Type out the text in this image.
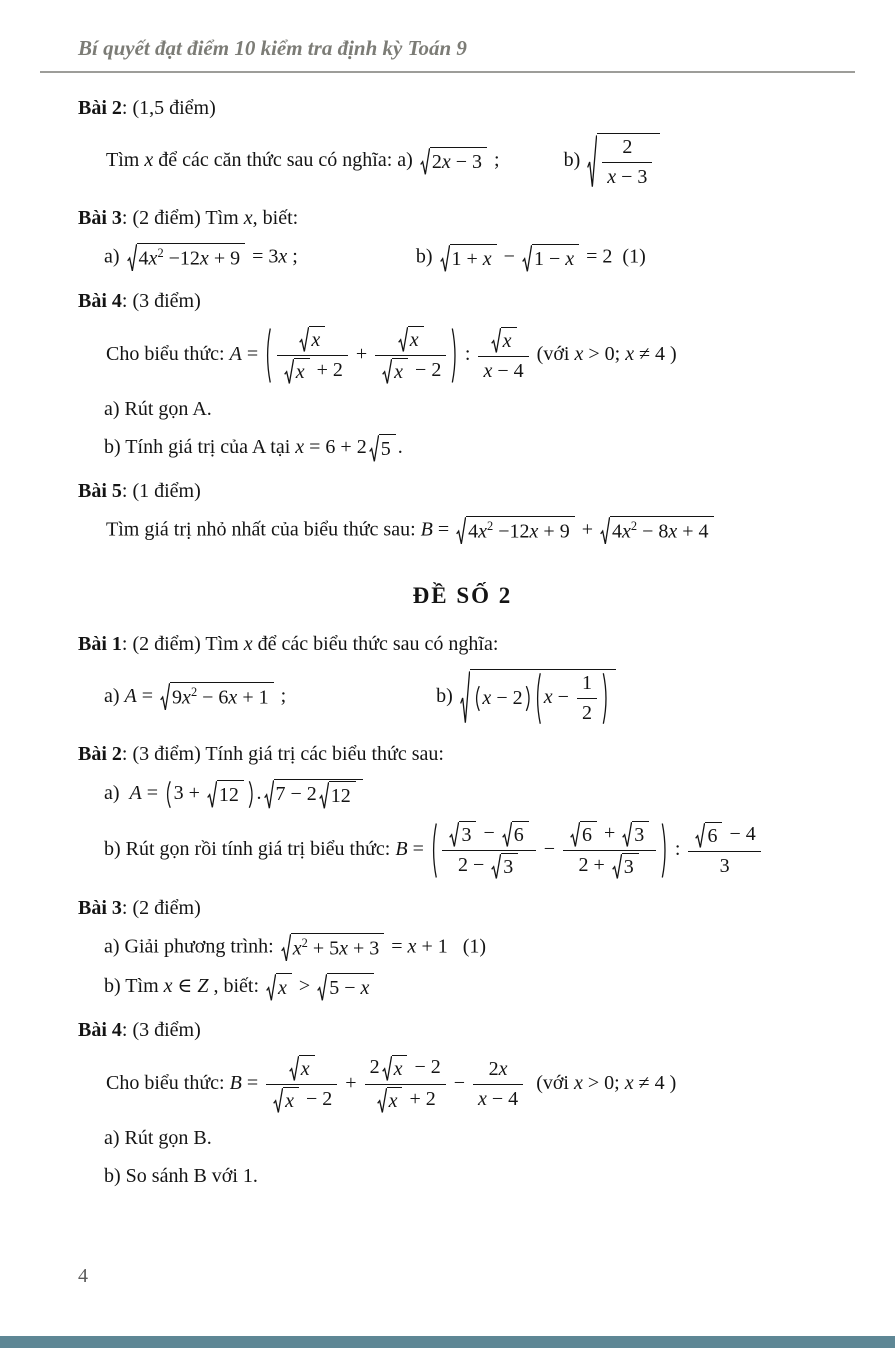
Bí quyết đạt điểm 10 kiểm tra định kỳ Toán 9
Bài 2: (1,5 điểm)
Tìm x để các căn thức sau có nghĩa: a) 2x − 3 ;	$b) \frac{2}{x - 3}$
Bài 3: (2 điểm) Tìm x, biết:
a) $4x^2 -12x + 9 = 3x$ ;	b) 1 + x − 1 − x = 2  (1)
Bài 4: (3 điểm)
Cho biểu thức: $A = \frac{x}{x + 2} + \frac{x}{x - 2}$ : $\frac{x}{x - 4}$ (với x > 0; x ≠ 4 )
a) Rút gọn A.
b) Tính giá trị của A tại x = 6 + 2 5 .
Bài 5: (1 điểm)
Tìm giá trị nhỏ nhất của biểu thức sau: $B = 4x^2 -12x + 9 + 4x^2 - 8x + 4$
ĐỀ SỐ 2
Bài 1: (2 điểm) Tìm x để các biểu thức sau có nghĩa:
a) $A = 9x^2 - 6x + 1$ ;	b) x − 2 $x - \frac{1}{2}$
Bài 2: (3 điểm) Tính giá trị các biểu thức sau:
a)  A = 3 + 12 . 7 − 2 12
b) Rút gọn rồi tính giá trị biểu thức: $B = \frac{3 - 6}{2 - 3} - \frac{6 + 3}{2 + 3}$ : $\frac{6 - 4}{3}$
Bài 3: (2 điểm)
a) Giải phương trình: $x^2 + 5x + 3 = x + 1$   (1)
b) Tìm x ∈ Z , biết: x > 5 − x
Bài 4: (3 điểm)
Cho biểu thức: $B = \frac{x}{x - 2} + \frac{2 x - 2}{x + 2} - \frac{2x}{x - 4}$ (với x > 0; x ≠ 4 )
a) Rút gọn B.
b) So sánh B với 1.
4
